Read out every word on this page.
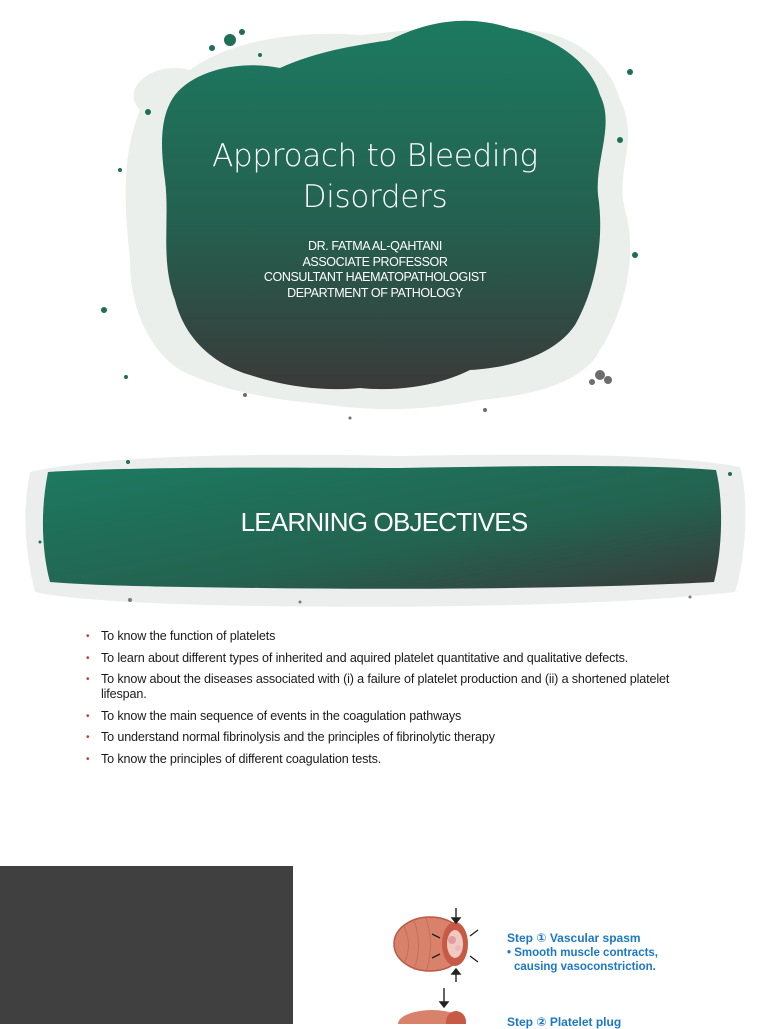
Approach to Bleeding Disorders
DR. FATMA AL-QAHTANI
ASSOCIATE PROFESSOR
CONSULTANT HAEMATOPATHOLOGIST
DEPARTMENT OF PATHOLOGY
LEARNING OBJECTIVES
• To know the function of platelets
• To learn about different types of inherited and aquired platelet quantitative and qualitative defects.
• To know about the diseases associated with (i) a failure of platelet production and (ii) a shortened platelet lifespan.
• To know the main sequence of events in the coagulation pathways
• To understand normal fibrinolysis and the principles of fibrinolytic therapy
• To know the principles of different coagulation tests.

Step ① Vascular spasm

• Smooth muscle contracts,

causing vasoconstriction.

Step ② Platelet plug
